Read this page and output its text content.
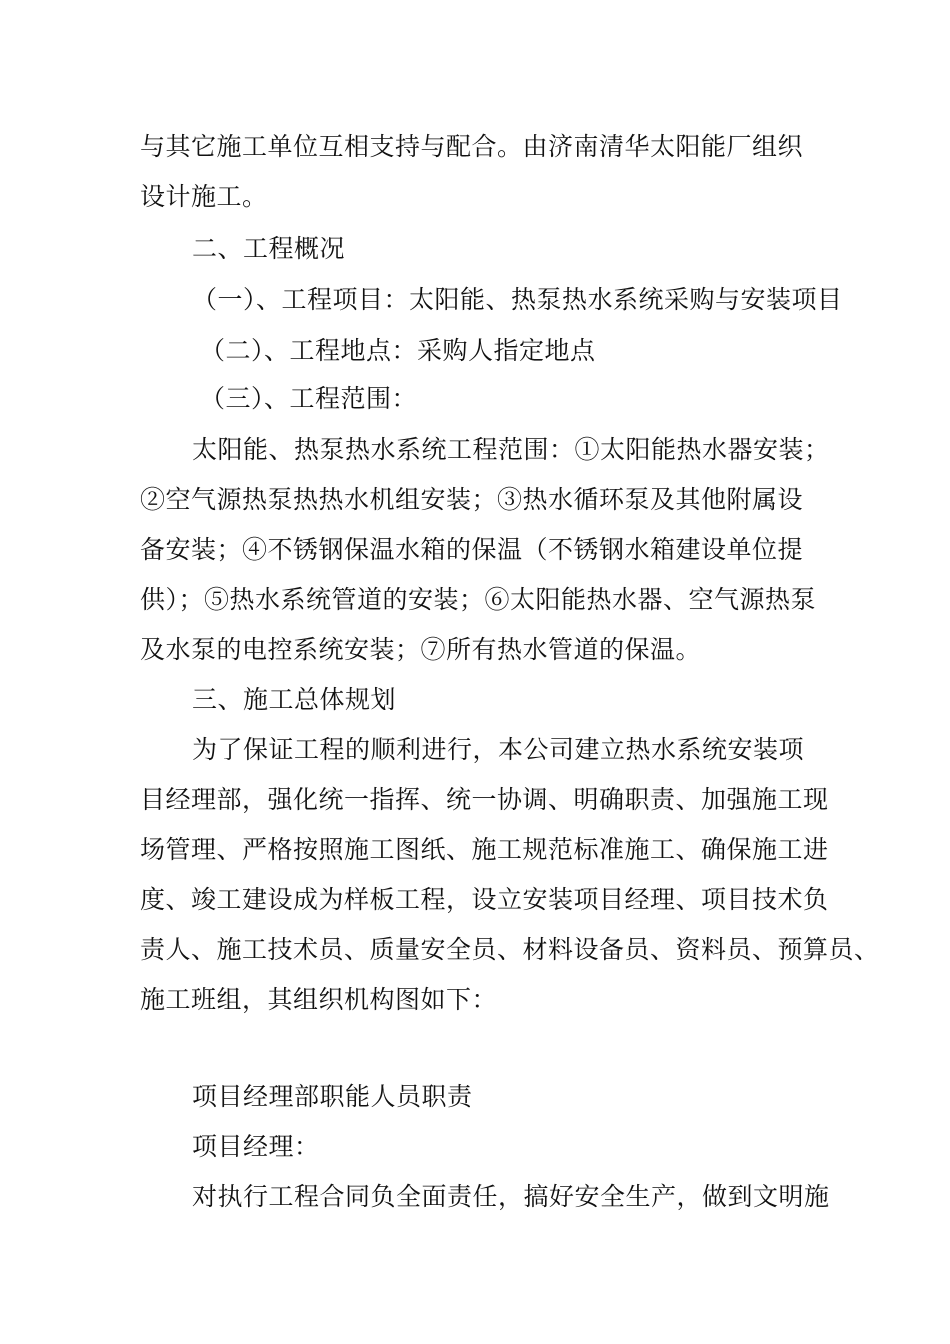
与其它施工单位互相支持与配合。由济南清华太阳能厂组织
设计施工。
二、工程概况
（一）、工程项目：太阳能、热泵热水系统采购与安装项目
（二）、工程地点：采购人指定地点
（三）、工程范围：
太阳能、热泵热水系统工程范围：①太阳能热水器安装；
②空气源热泵热热水机组安装；③热水循环泵及其他附属设
备安装；④不锈钢保温水箱的保温（不锈钢水箱建设单位提
供）；⑤热水系统管道的安装；⑥太阳能热水器、空气源热泵
及水泵的电控系统安装；⑦所有热水管道的保温。
三、施工总体规划
为了保证工程的顺利进行，本公司建立热水系统安装项
目经理部，强化统一指挥、统一协调、明确职责、加强施工现
场管理、严格按照施工图纸、施工规范标准施工、确保施工进
度、竣工建设成为样板工程，设立安装项目经理、项目技术负
责人、施工技术员、质量安全员、材料设备员、资料员、预算员、
施工班组，其组织机构图如下：
项目经理部职能人员职责
项目经理：
对执行工程合同负全面责任，搞好安全生产，做到文明施
